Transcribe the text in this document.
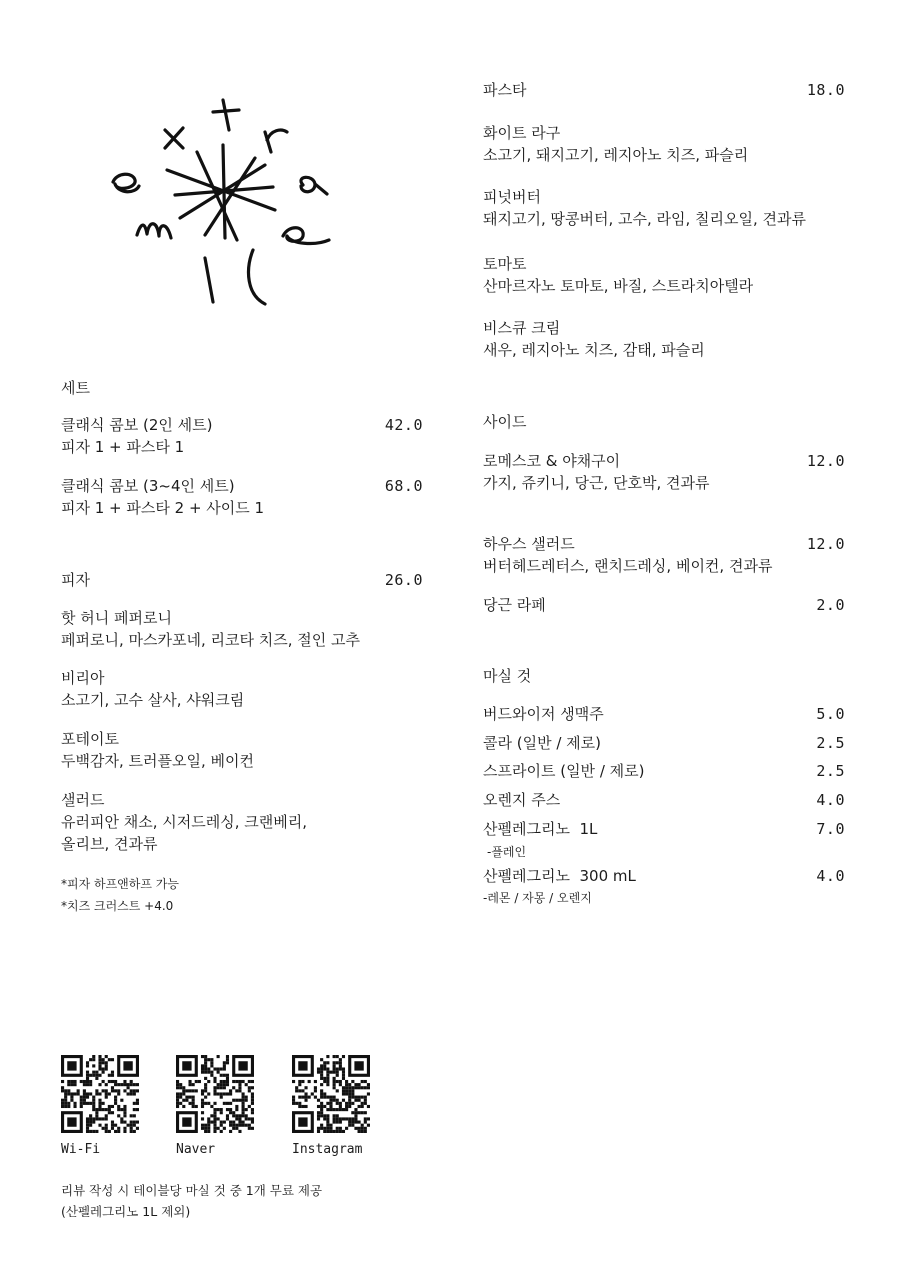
세트
클래식 콤보 (2인 세트)	42.0
피자 1 + 파스타 1
클래식 콤보 (3~4인 세트)	68.0
피자 1 + 파스타 2 + 사이드 1
피자	26.0
핫 허니 페퍼로니
페퍼로니, 마스카포네, 리코타 치즈, 절인 고추
비리아
소고기, 고수 살사, 샤워크림
포테이토
두백감자, 트러플오일, 베이컨
샐러드
유러피안 채소, 시저드레싱, 크랜베리,
올리브, 견과류
*피자 하프앤하프 가능
*치즈 크러스트 +4.0
파스타	18.0
화이트 라구
소고기, 돼지고기, 레지아노 치즈, 파슬리
피넛버터
돼지고기, 땅콩버터, 고수, 라임, 칠리오일, 견과류
토마토
산마르자노 토마토, 바질, 스트라치아텔라
비스큐 크림
새우, 레지아노 치즈, 감태, 파슬리
사이드
로메스코 & 야채구이	12.0
가지, 쥬키니, 당근, 단호박, 견과류
하우스 샐러드	12.0
버터헤드레터스, 랜치드레싱, 베이컨, 견과류
당근 라페	2.0
마실 것
버드와이저 생맥주	5.0
콜라 (일반 / 제로)	2.5
스프라이트 (일반 / 제로)	2.5
오렌지 주스	4.0
산펠레그리노  1L	7.0
-플레인
산펠레그리노  300 mL	4.0
-레몬 / 자몽 / 오렌지
Wi-Fi	Naver	Instagram
리뷰 작성 시 테이블당 마실 것 중 1개 무료 제공
(산펠레그리노 1L 제외)
